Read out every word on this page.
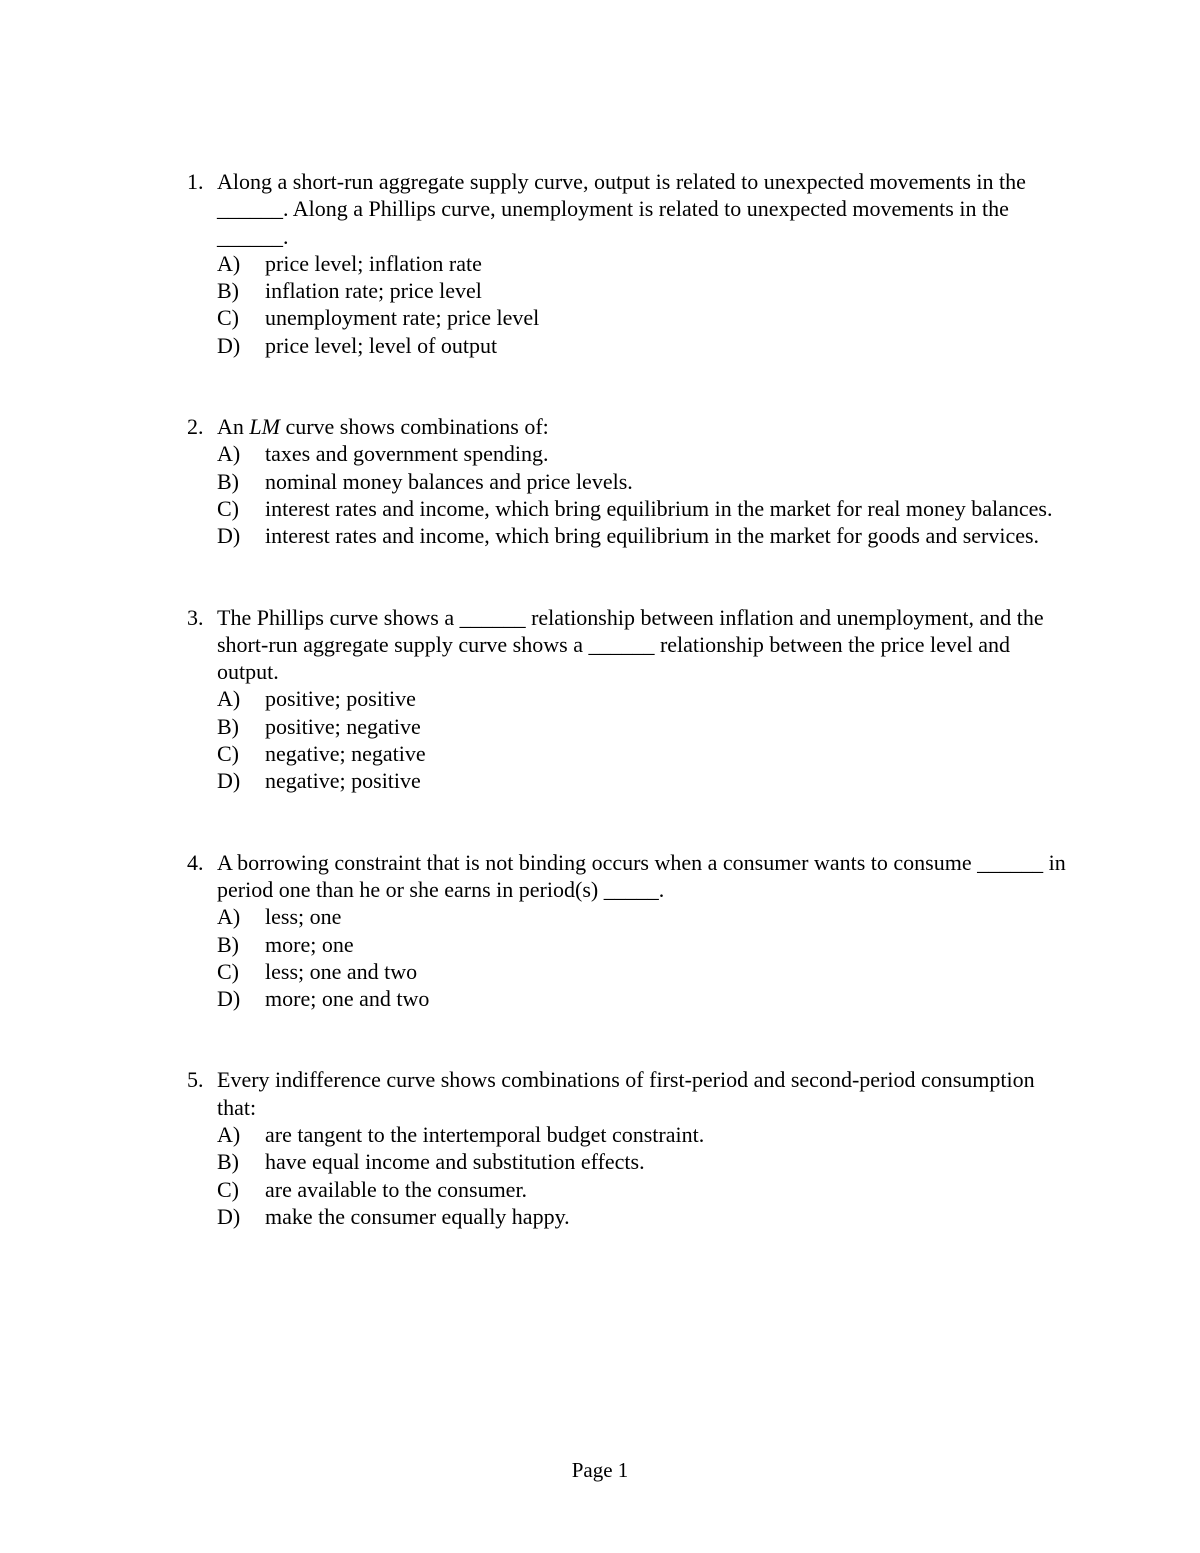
1. Along a short-run aggregate supply curve, output is related to unexpected movements in the ______. Along a Phillips curve, unemployment is related to unexpected movements in the ______.
A)	price level; inflation rate
B)	inflation rate; price level
C)	unemployment rate; price level
D)	price level; level of output
2. An LM curve shows combinations of:
A)	taxes and government spending.
B)	nominal money balances and price levels.
C)	interest rates and income, which bring equilibrium in the market for real money balances.
D)	interest rates and income, which bring equilibrium in the market for goods and services.
3. The Phillips curve shows a ______ relationship between inflation and unemployment, and the short-run aggregate supply curve shows a ______ relationship between the price level and output.
A)	positive; positive
B)	positive; negative
C)	negative; negative
D)	negative; positive
4. A borrowing constraint that is not binding occurs when a consumer wants to consume ______ in period one than he or she earns in period(s) _____.
A)	less; one
B)	more; one
C)	less; one and two
D)	more; one and two
5. Every indifference curve shows combinations of first-period and second-period consumption that:
A)	are tangent to the intertemporal budget constraint.
B)	have equal income and substitution effects.
C)	are available to the consumer.
D)	make the consumer equally happy.
Page 1
